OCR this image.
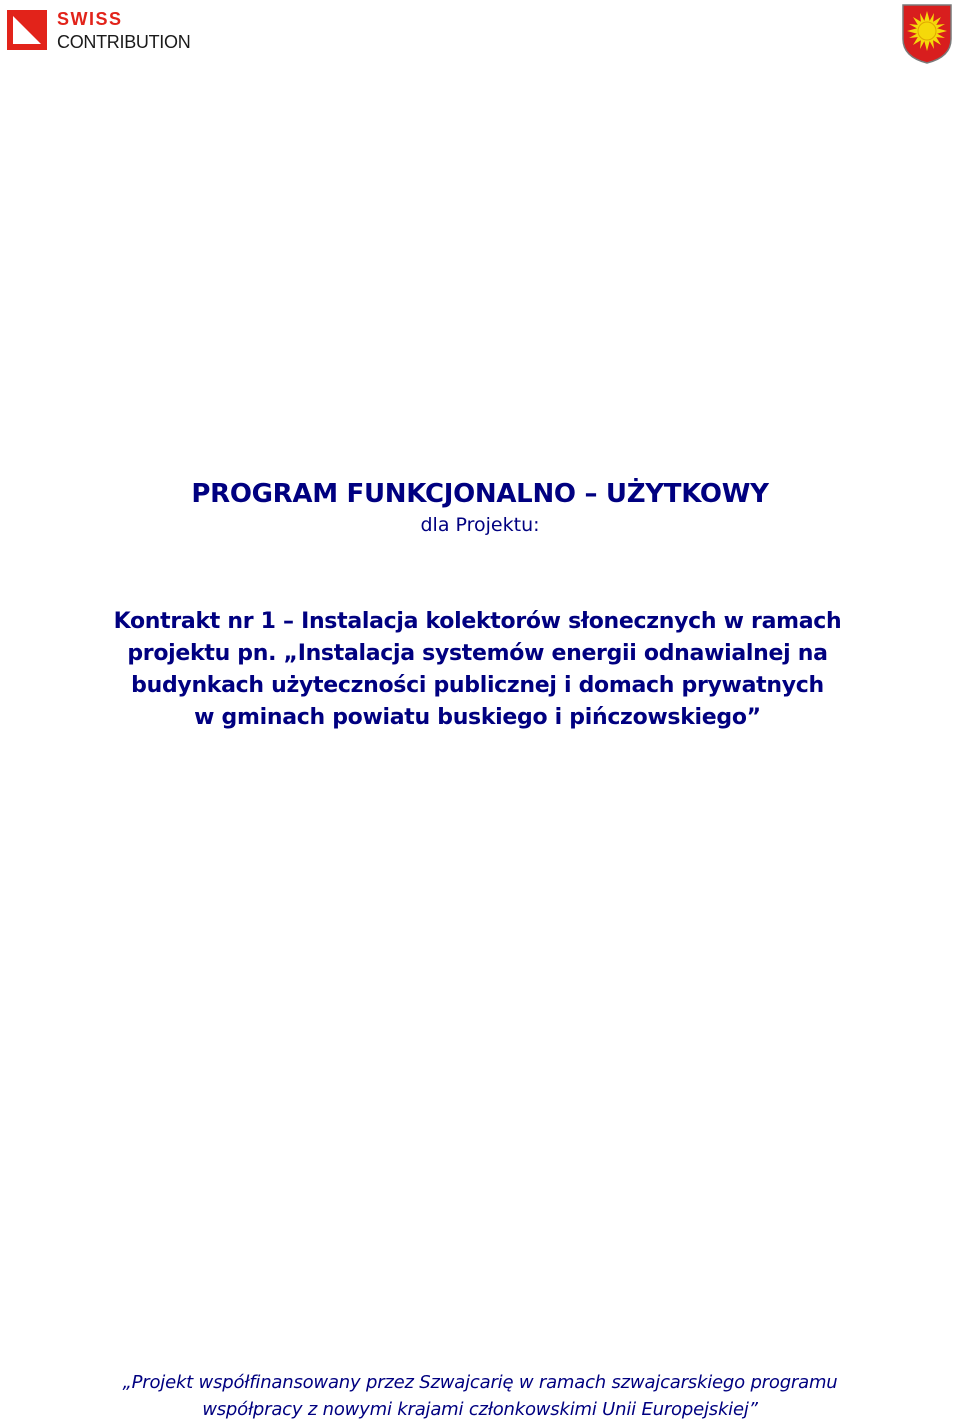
SWISS
CONTRIBUTION

PROGRAM FUNKCJONALNO – UŻYTKOWY

dla Projektu:

Kontrakt nr 1 – Instalacja kolektorów słonecznych w ramach
projektu pn. „Instalacja systemów energii odnawialnej na
budynkach użyteczności publicznej i domach prywatnych
w gminach powiatu buskiego i pińczowskiego”
„Projekt współfinansowany przez Szwajcarię w ramach szwajcarskiego programu
współpracy z nowymi krajami członkowskimi Unii Europejskiej”
